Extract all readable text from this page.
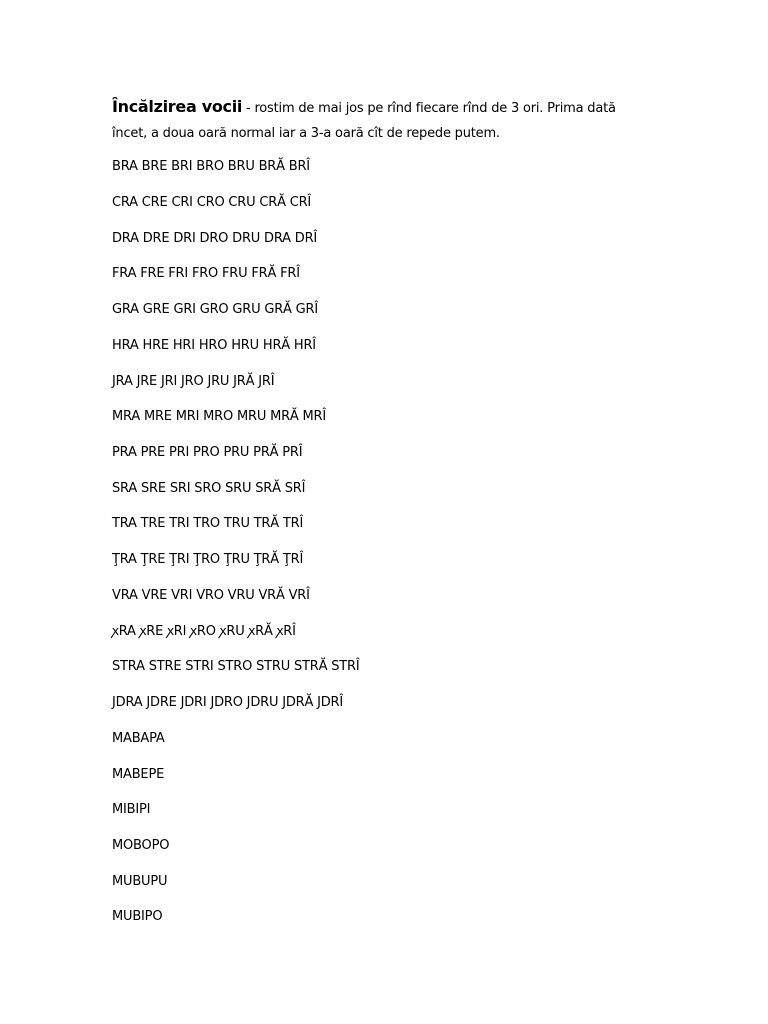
Încălzirea vocii - rostim de mai jos pe rînd fiecare rînd de 3 ori. Prima dată încet, a doua oară normal iar a 3-a oară cît de repede putem.
BRA BRE BRI BRO BRU BRĂ BRÎ
CRA CRE CRI CRO CRU CRĂ CRÎ
DRA DRE DRI DRO DRU DRA DRÎ
FRA FRE FRI FRO FRU FRĂ FRÎ
GRA GRE GRI GRO GRU GRĂ GRÎ
HRA HRE HRI HRO HRU HRĂ HRÎ
JRA JRE JRI JRO JRU JRĂ JRÎ
MRA MRE MRI MRO MRU MRĂ MRÎ
PRA PRE PRI PRO PRU PRĂ PRÎ
SRA SRE SRI SRO SRU SRĂ SRÎ
TRA TRE TRI TRO TRU TRĂ TRÎ
ŢRA ŢRE ŢRI ŢRO ŢRU ŢRĂ ŢRÎ
VRA VRE VRI VRO VRU VRĂ VRÎ
ꭗRA ꭗRE ꭗRI ꭗRO ꭗRU ꭗRĂ ꭗRÎ
STRA STRE STRI STRO STRU STRĂ STRÎ
JDRA JDRE JDRI JDRO JDRU JDRĂ JDRÎ
MABAPA
MABEPE
MIBIPI
MOBOPO
MUBUPU
MUBIPO
